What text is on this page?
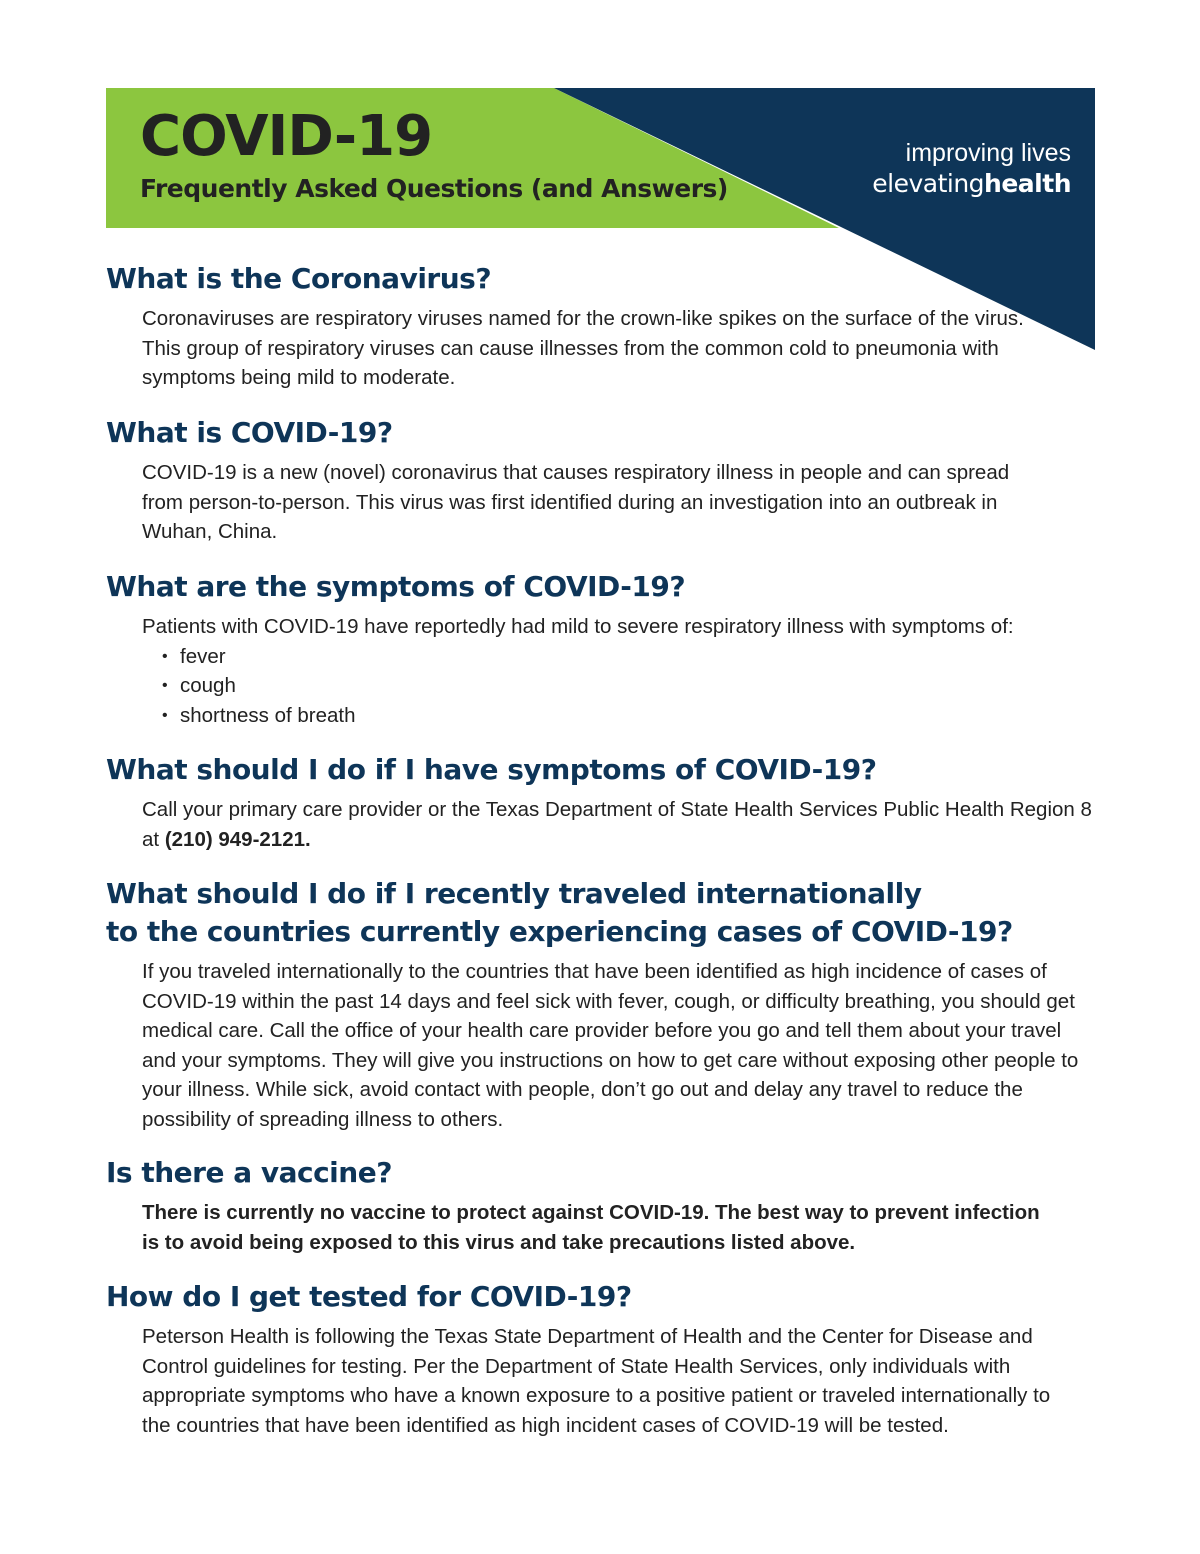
COVID-19
Frequently Asked Questions (and Answers)
improving lives
elevatinghealth
What is the Coronavirus?

Coronaviruses are respiratory viruses named for the crown-like spikes on the surface of the virus. This group of respiratory viruses can cause illnesses from the common cold to pneumonia with symptoms being mild to moderate.

What is COVID-19?

COVID-19 is a new (novel) coronavirus that causes respiratory illness in people and can spread from person-to-person. This virus was first identified during an investigation into an outbreak in Wuhan, China.

What are the symptoms of COVID-19?

Patients with COVID-19 have reportedly had mild to severe respiratory illness with symptoms of:

• fever
• cough
• shortness of breath
What should I do if I have symptoms of COVID-19?

Call your primary care provider or the Texas Department of State Health Services Public Health Region 8 at (210) 949-2121.

What should I do if I recently traveled internationally
to the countries currently experiencing cases of COVID-19?

If you traveled internationally to the countries that have been identified as high incidence of cases of COVID-19 within the past 14 days and feel sick with fever, cough, or difficulty breathing, you should get medical care. Call the office of your health care provider before you go and tell them about your travel and your symptoms. They will give you instructions on how to get care without exposing other people to your illness. While sick, avoid contact with people, don’t go out and delay any travel to reduce the possibility of spreading illness to others.

Is there a vaccine?

There is currently no vaccine to protect against COVID-19. The best way to prevent infection is to avoid being exposed to this virus and take precautions listed above.

How do I get tested for COVID-19?

Peterson Health is following the Texas State Department of Health and the Center for Disease and Control guidelines for testing. Per the Department of State Health Services, only individuals with appropriate symptoms who have a known exposure to a positive patient or traveled internationally to the countries that have been identified as high incident cases of COVID-19 will be tested.
